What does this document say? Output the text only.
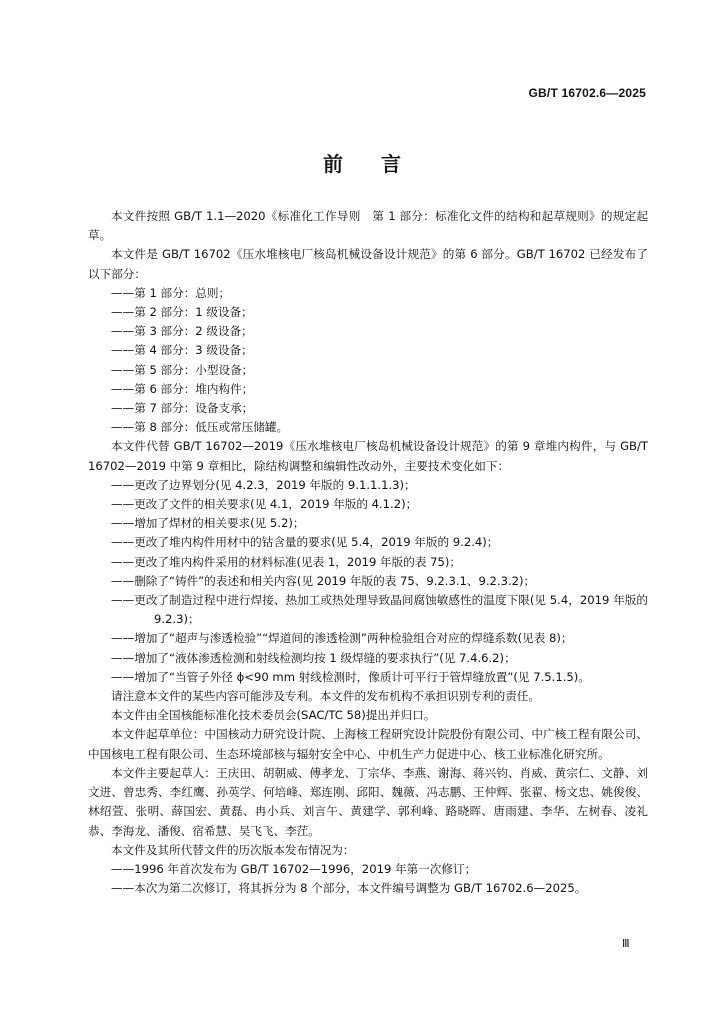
GB/T 16702.6—2025
前言

本文件按照 GB/T 1.1—2020《标准化工作导则　第 1 部分：标准化文件的结构和起草规则》的规定起草。

本文件是 GB/T 16702《压水堆核电厂核岛机械设备设计规范》的第 6 部分。GB/T 16702 已经发布了以下部分：

——第 1 部分：总则；

——第 2 部分：1 级设备；

——第 3 部分：2 级设备；

——第 4 部分：3 级设备；

——第 5 部分：小型设备；

——第 6 部分：堆内构件；

——第 7 部分：设备支承；

——第 8 部分：低压或常压储罐。

本文件代替 GB/T 16702—2019《压水堆核电厂核岛机械设备设计规范》的第 9 章堆内构件，与 GB/T 16702—2019 中第 9 章相比，除结构调整和编辑性改动外，主要技术变化如下：

——更改了边界划分(见 4.2.3，2019 年版的 9.1.1.1.3)；

——更改了文件的相关要求(见 4.1，2019 年版的 4.1.2)；

——增加了焊材的相关要求(见 5.2)；

——更改了堆内构件用材中的钴含量的要求(见 5.4，2019 年版的 9.2.4)；

——更改了堆内构件采用的材料标准(见表 1，2019 年版的表 75)；

——删除了“铸件”的表述和相关内容(见 2019 年版的表 75、9.2.3.1、9.2.3.2)；

——更改了制造过程中进行焊接、热加工或热处理导致晶间腐蚀敏感性的温度下限(见 5.4，2019 年版的 9.2.3)；

——增加了“超声与渗透检验”“焊道间的渗透检测”两种检验组合对应的焊缝系数(见表 8)；

——增加了“液体渗透检测和射线检测均按 1 级焊缝的要求执行”(见 7.4.6.2)；

——增加了“当管子外径 ϕ<90 mm 射线检测时，像质计可平行于管焊缝放置”(见 7.5.1.5)。

请注意本文件的某些内容可能涉及专利。本文件的发布机构不承担识别专利的责任。

本文件由全国核能标准化技术委员会(SAC/TC 58)提出并归口。

本文件起草单位：中国核动力研究设计院、上海核工程研究设计院股份有限公司、中广核工程有限公司、中国核电工程有限公司、生态环境部核与辐射安全中心、中机生产力促进中心、核工业标准化研究所。

本文件主要起草人：王庆田、胡朝威、傅孝龙、丁宗华、李燕、谢海、蒋兴钧、肖威、黄宗仁、文静、刘文进、曾忠秀、李红鹰、孙英学、何培峰、郑连刚、邱阳、魏薇、冯志鹏、王仲辉、张翟、杨文忠、姚俊俊、林绍萱、张明、薛国宏、黄磊、冉小兵、刘言午、黄建学、郭利峰、路晓晖、唐雨建、李华、左树春、凌礼恭、李海龙、潘俊、宿希慧、吴飞飞、李茳。

本文件及其所代替文件的历次版本发布情况为：

——1996 年首次发布为 GB/T 16702—1996，2019 年第一次修订；

——本次为第二次修订，将其拆分为 8 个部分，本文件编号调整为 GB/T 16702.6—2025。

Ⅲ
